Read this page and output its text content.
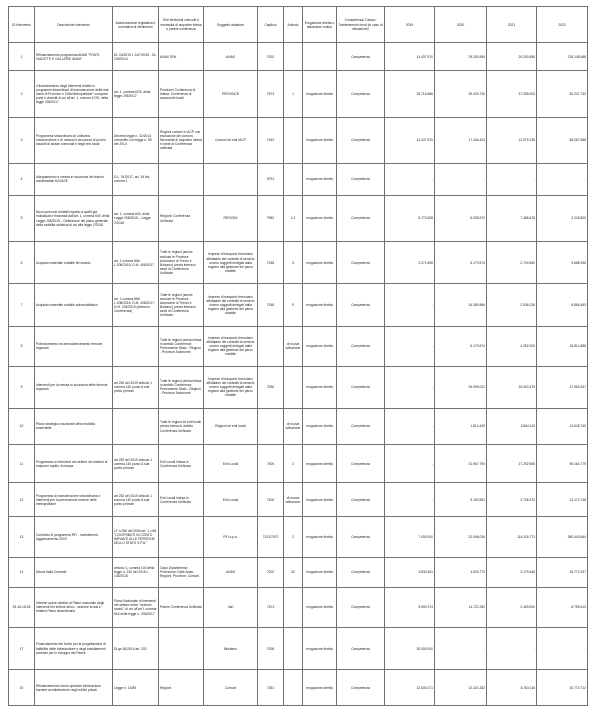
ID Intervento	Descrizione intervento	Autorizzazione legislativa e normativa di riferimento	Enti territoriali coinvolti e necessità di acquisire intesa o parere conferenza	Soggetto attuatore	Capitolo	Articolo	Erogazione diretta o attuazione mutuo	Competenza/ Cassa / Trasferimento fondi (in caso di attuazione)	2019	2020	2021	2022
1	Rifinanziamento programma ANAS "PONTI, VIADOTTI E GALLERIE ANAS"	DL 04/2019 L 14/7/2019 - DL 109/2014	ANAS SPA	ANAS	7002			Competenza	14.437.570	29.200.555	29.200.555	135.148.488
2	Il finanziamento degli interventi relativi a programmi straordinari di manutenzione della rete viaria di Province e Città Metropolitane" compresi ponti e viadotti di cui all'art. 1, comma 1076, della legge 205/2017	art. 1, comma1076, della legge 205/2017	Province/ Conferenza di Intesa. Conferenza di autonomie locali	PROVINCE	7574	1	erogazione diretta	Competenza	25.716.866	35.429.730	37.255.003	30.247.732
3	Programma straordinario di ordinaria manutenzione e di messa in sicurezza di ponti e viadotti di strade comunali e degli enti locali	Decreto legge n. 32/2014 convertito con legge n. 80 del 2014	Regioni comuni e IACP con esclusione dei comuni. Necessità di acquisire intesa in sede di Conferenza unificata	Comuni ed enti IACP	7442		erogazione diretta	Competenza	14.437.570	17.346.424	12.679.135	68.067.868
4	Adeguamento e messa in sicurezza del traforo autostradale A24/A25	D.L. 91/2017, art. 16 bis, comma 1			5791		erogazione diretta	Competenza	-	-	-	-
5	Nuovi percorsi ciclabili rispetto a quelli già individuati e finanziati dall'art. 1, comma 640, della Legge 208/2015 – Definizione del piano generale della mobilità ciclistica di cui alla legge 2/2018	art. 1, comma 640, della Legge 208/2015 – Legge 2/2018	Regioni/ Conferenza Unificata	REGIONI	7582	1-2	erogazione diretta	Competenza	5.770.828	6.938.570	7.486.678	3.249.820
6	Acquisto materiale rotabile ferroviario	art. 1 comma 866 L.208/2015; D.M. 408/2017	Tutte le regioni (anche escluse le Province Autonome di Trento e Bolzano) previa intesa in sede di Conferenza Unificata	Imprese di trasporto ferroviario affidatarie dei contratti di servizio ovvero soggetti delegati dalla regione alla gestione del parco rotabile	7248	3	erogazione diretta	Competenza	2.271.696	6.179.574	2.704.560	9.688.396
7	Acquisto materiale rotabile automobilistico	art. 1 comma 866 L.208/2015; D.M. 408/2017; D.M. 204/2019 (Intesa in Conferenza)	Tutte le regioni (anche escluse le Province Autonome di Trento e Bolzano) previa intesa in sede di Conferenza Unificata	Imprese di trasporto ferroviario affidatarie dei contratti di servizio ovvero soggetti delegati dalla regione alla gestione del parco rotabile	7248	5	erogazione diretta	Competenza	-	34.365.566	2.536.226	8.865.463
8	Potenziamento ed ammodernamento ferrovie regionali		Tutte le regioni previa intesa in ambito Conferenza Permanente Stato - Regioni - Province Autonome	Imprese di trasporto ferroviario affidatarie dei contratti di servizio ovvero soggetti delegati dalla regione alla gestione del parco rotabile		di nuova istituzione	erogazione diretta	Competenza	-	6.179.574	4.252.003	15.814.888
9	Interventi per la messa in sicurezza delle ferrovie regionali	art 252 del 2019 articolo 1 comma 140 punto A sub punto primum	Tutte le regioni previa intesa in ambito Conferenza Permanente Stato - Regioni - Province Autonome	Imprese di trasporto ferroviario affidatarie dei contratti di servizio ovvero soggetti delegati dalla regione alla gestione del parco rotabile	7530		erogazione diretta	Competenza	-	26.099.022	16.003.479	37.969.347
10	Piano strategico nazionale della mobilità sostenibile		Tutte le regioni ed enti locali previa intesa in ambito Conferenza Unificata	Regioni ed enti locali		di nuova istituzione	erogazione diretta	Competenza	-	1.814.435	3.864.110	13.645.740
11	Programma di interventi nel settore dei sistemi di trasporto rapido di massa	art 252 del 2019 articolo 1 comma 140 punto A sub punto primum	Enti Locali Intesa in Conferenza Unificata	Enti Locali	7400	2	erogazione diretta	Competenza	-	31.967.790	27.292.505	96.164.779
12	Programma di manutenzione straordinaria e interventi per la prevenzione incendi nelle metropolitane	art 252 del 2019 articolo 1 comma 140 punto A sub punto primum	Enti Locali Intesa in Conferenza Unificata	Enti Locali	7400	di nuova istituzione	erogazione diretta	Competenza	-	5.163.981	3.706.372	13.172.748
13	Contratto di programma RFI - Investimenti. Aggiornamento 2019	LF n.296 del 2006 art. 1 c.86 "CONTRIBUTI IN CONTO IMPIANTI ALLE FERROVIE DELLO STATO S.P.A."		RFI s.p.a.	7122/7007	2	erogazione diretta	Competenza	7.000.000	22.946.036	116.118.771	380.443.664
14	Sisma Italia Centrale	articolo 1, comma 140 della legge n. 232 del 2016 L 145/2018	Capo Dipartimento Protezione Civile Anas - Regioni, Province, Comuni	ANAS	7002	32	erogazione diretta	Competenza	9.830.811	4.625.773	2.179.448	15.772.337
15-16-18-26	Ulteriori opere relative al Piano nazionale degli interventi nel settore idrico - sezione invasi e relativo Piano straordinario	Piano Nazionale di interventi nel settore idrico "sezione invasi", di cui all'art 1 comma 516 della legge n. 205/2017	Parere Conferenza Unificata	Vari	7201		erogazione diretta	Competenza	9.690.374	14.722.282	2.469.000	8.789.613
17	Finanziamento del fondo per la progettazione di fattibilità delle infrastrutture e degli insediamenti prioritari per lo sviluppo del Paese	DLgs 50/2016 art. 202		Ministero	7008		erogazione diretta	Competenza	30.000.000	-	-	-
20	Rifinanziamento fondo speciale eliminazione barriere architettoniche negli edifici privati	Legge n. 13/89	Regioni	Comuni	7351		erogazione diretta	Competenza	12.630.071	12.421.282	8.763.116	30.774.712
